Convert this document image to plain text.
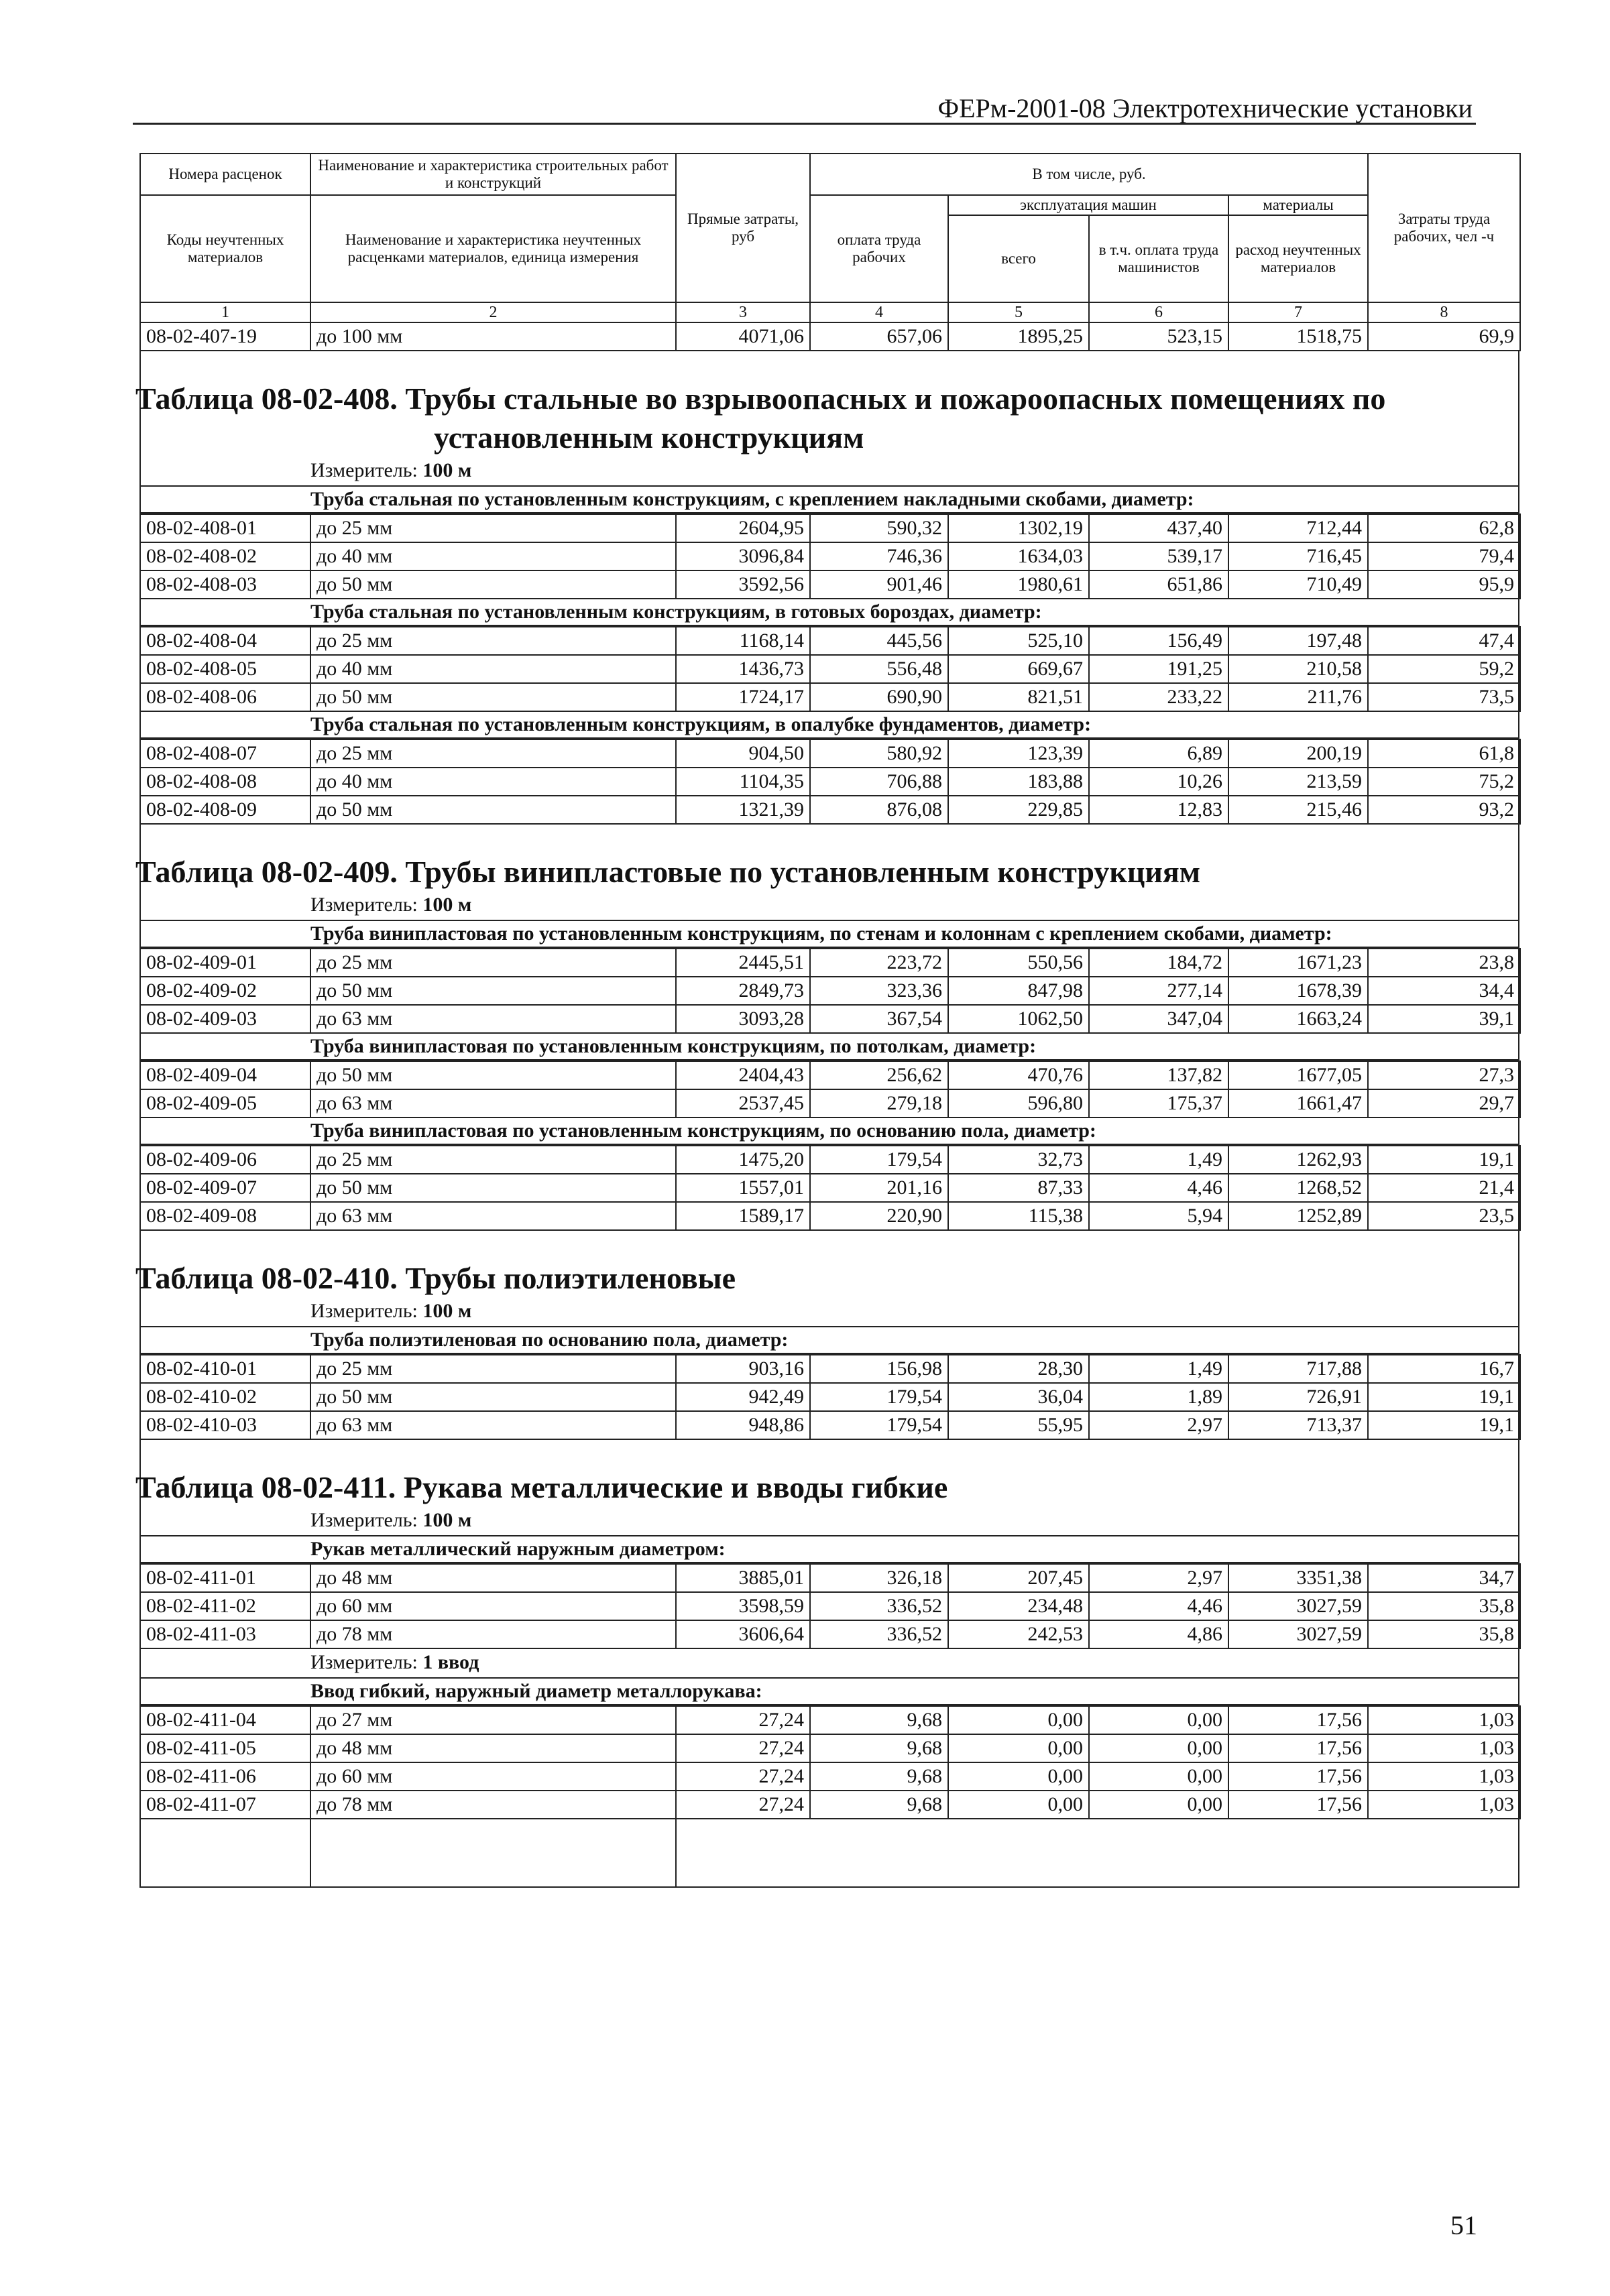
ФЕРм-2001-08 Электротехнические установки
Номера расценок	Наименование и характеристика строительных работ и конструкций	Прямые затраты, руб	В том числе, руб.				Затраты труда рабочих, чел -ч
Коды неучтенных материалов	Наименование и характеристика неучтенных расценками материалов, единица измерения		оплата труда рабочих	эксплуатация машин		материалы	
				всего	в т.ч. оплата труда машинистов	расход неучтенных материалов	
1	2	3	4	5	6	7	8
08-02-407-19	до 100 мм	4071,06	657,06	1895,25	523,15	1518,75	69,9
Таблица 08-02-408. Трубы стальные во взрывоопасных и пожароопасных помещениях по
установленным конструкциям
Измеритель: 100 м
Труба стальная по установленным конструкциям, с креплением накладными скобами, диаметр:
08-02-408-01	до 25 мм	2604,95	590,32	1302,19	437,40	712,44	62,8
08-02-408-02	до 40 мм	3096,84	746,36	1634,03	539,17	716,45	79,4
08-02-408-03	до 50 мм	3592,56	901,46	1980,61	651,86	710,49	95,9
Труба стальная по установленным конструкциям, в готовых бороздах, диаметр:
08-02-408-04	до 25 мм	1168,14	445,56	525,10	156,49	197,48	47,4
08-02-408-05	до 40 мм	1436,73	556,48	669,67	191,25	210,58	59,2
08-02-408-06	до 50 мм	1724,17	690,90	821,51	233,22	211,76	73,5
Труба стальная по установленным конструкциям, в опалубке фундаментов, диаметр:
08-02-408-07	до 25 мм	904,50	580,92	123,39	6,89	200,19	61,8
08-02-408-08	до 40 мм	1104,35	706,88	183,88	10,26	213,59	75,2
08-02-408-09	до 50 мм	1321,39	876,08	229,85	12,83	215,46	93,2
Таблица 08-02-409. Трубы винипластовые по установленным конструкциям
Измеритель: 100 м
Труба винипластовая по установленным конструкциям, по стенам и колоннам с креплением скобами, диаметр:
08-02-409-01	до 25 мм	2445,51	223,72	550,56	184,72	1671,23	23,8
08-02-409-02	до 50 мм	2849,73	323,36	847,98	277,14	1678,39	34,4
08-02-409-03	до 63 мм	3093,28	367,54	1062,50	347,04	1663,24	39,1
Труба винипластовая по установленным конструкциям, по потолкам, диаметр:
08-02-409-04	до 50 мм	2404,43	256,62	470,76	137,82	1677,05	27,3
08-02-409-05	до 63 мм	2537,45	279,18	596,80	175,37	1661,47	29,7
Труба винипластовая по установленным конструкциям, по основанию пола, диаметр:
08-02-409-06	до 25 мм	1475,20	179,54	32,73	1,49	1262,93	19,1
08-02-409-07	до 50 мм	1557,01	201,16	87,33	4,46	1268,52	21,4
08-02-409-08	до 63 мм	1589,17	220,90	115,38	5,94	1252,89	23,5
Таблица 08-02-410. Трубы полиэтиленовые
Измеритель: 100 м
Труба полиэтиленовая по основанию пола, диаметр:
08-02-410-01	до 25 мм	903,16	156,98	28,30	1,49	717,88	16,7
08-02-410-02	до 50 мм	942,49	179,54	36,04	1,89	726,91	19,1
08-02-410-03	до 63 мм	948,86	179,54	55,95	2,97	713,37	19,1
Таблица 08-02-411. Рукава металлические и вводы гибкие
Измеритель: 100 м
Рукав металлический наружным диаметром:
08-02-411-01	до 48 мм	3885,01	326,18	207,45	2,97	3351,38	34,7
08-02-411-02	до 60 мм	3598,59	336,52	234,48	4,46	3027,59	35,8
08-02-411-03	до 78 мм	3606,64	336,52	242,53	4,86	3027,59	35,8
Измеритель: 1 ввод
Ввод гибкий, наружный диаметр металлорукава:
08-02-411-04	до 27 мм	27,24	9,68	0,00	0,00	17,56	1,03
08-02-411-05	до 48 мм	27,24	9,68	0,00	0,00	17,56	1,03
08-02-411-06	до 60 мм	27,24	9,68	0,00	0,00	17,56	1,03
08-02-411-07	до 78 мм	27,24	9,68	0,00	0,00	17,56	1,03
51
